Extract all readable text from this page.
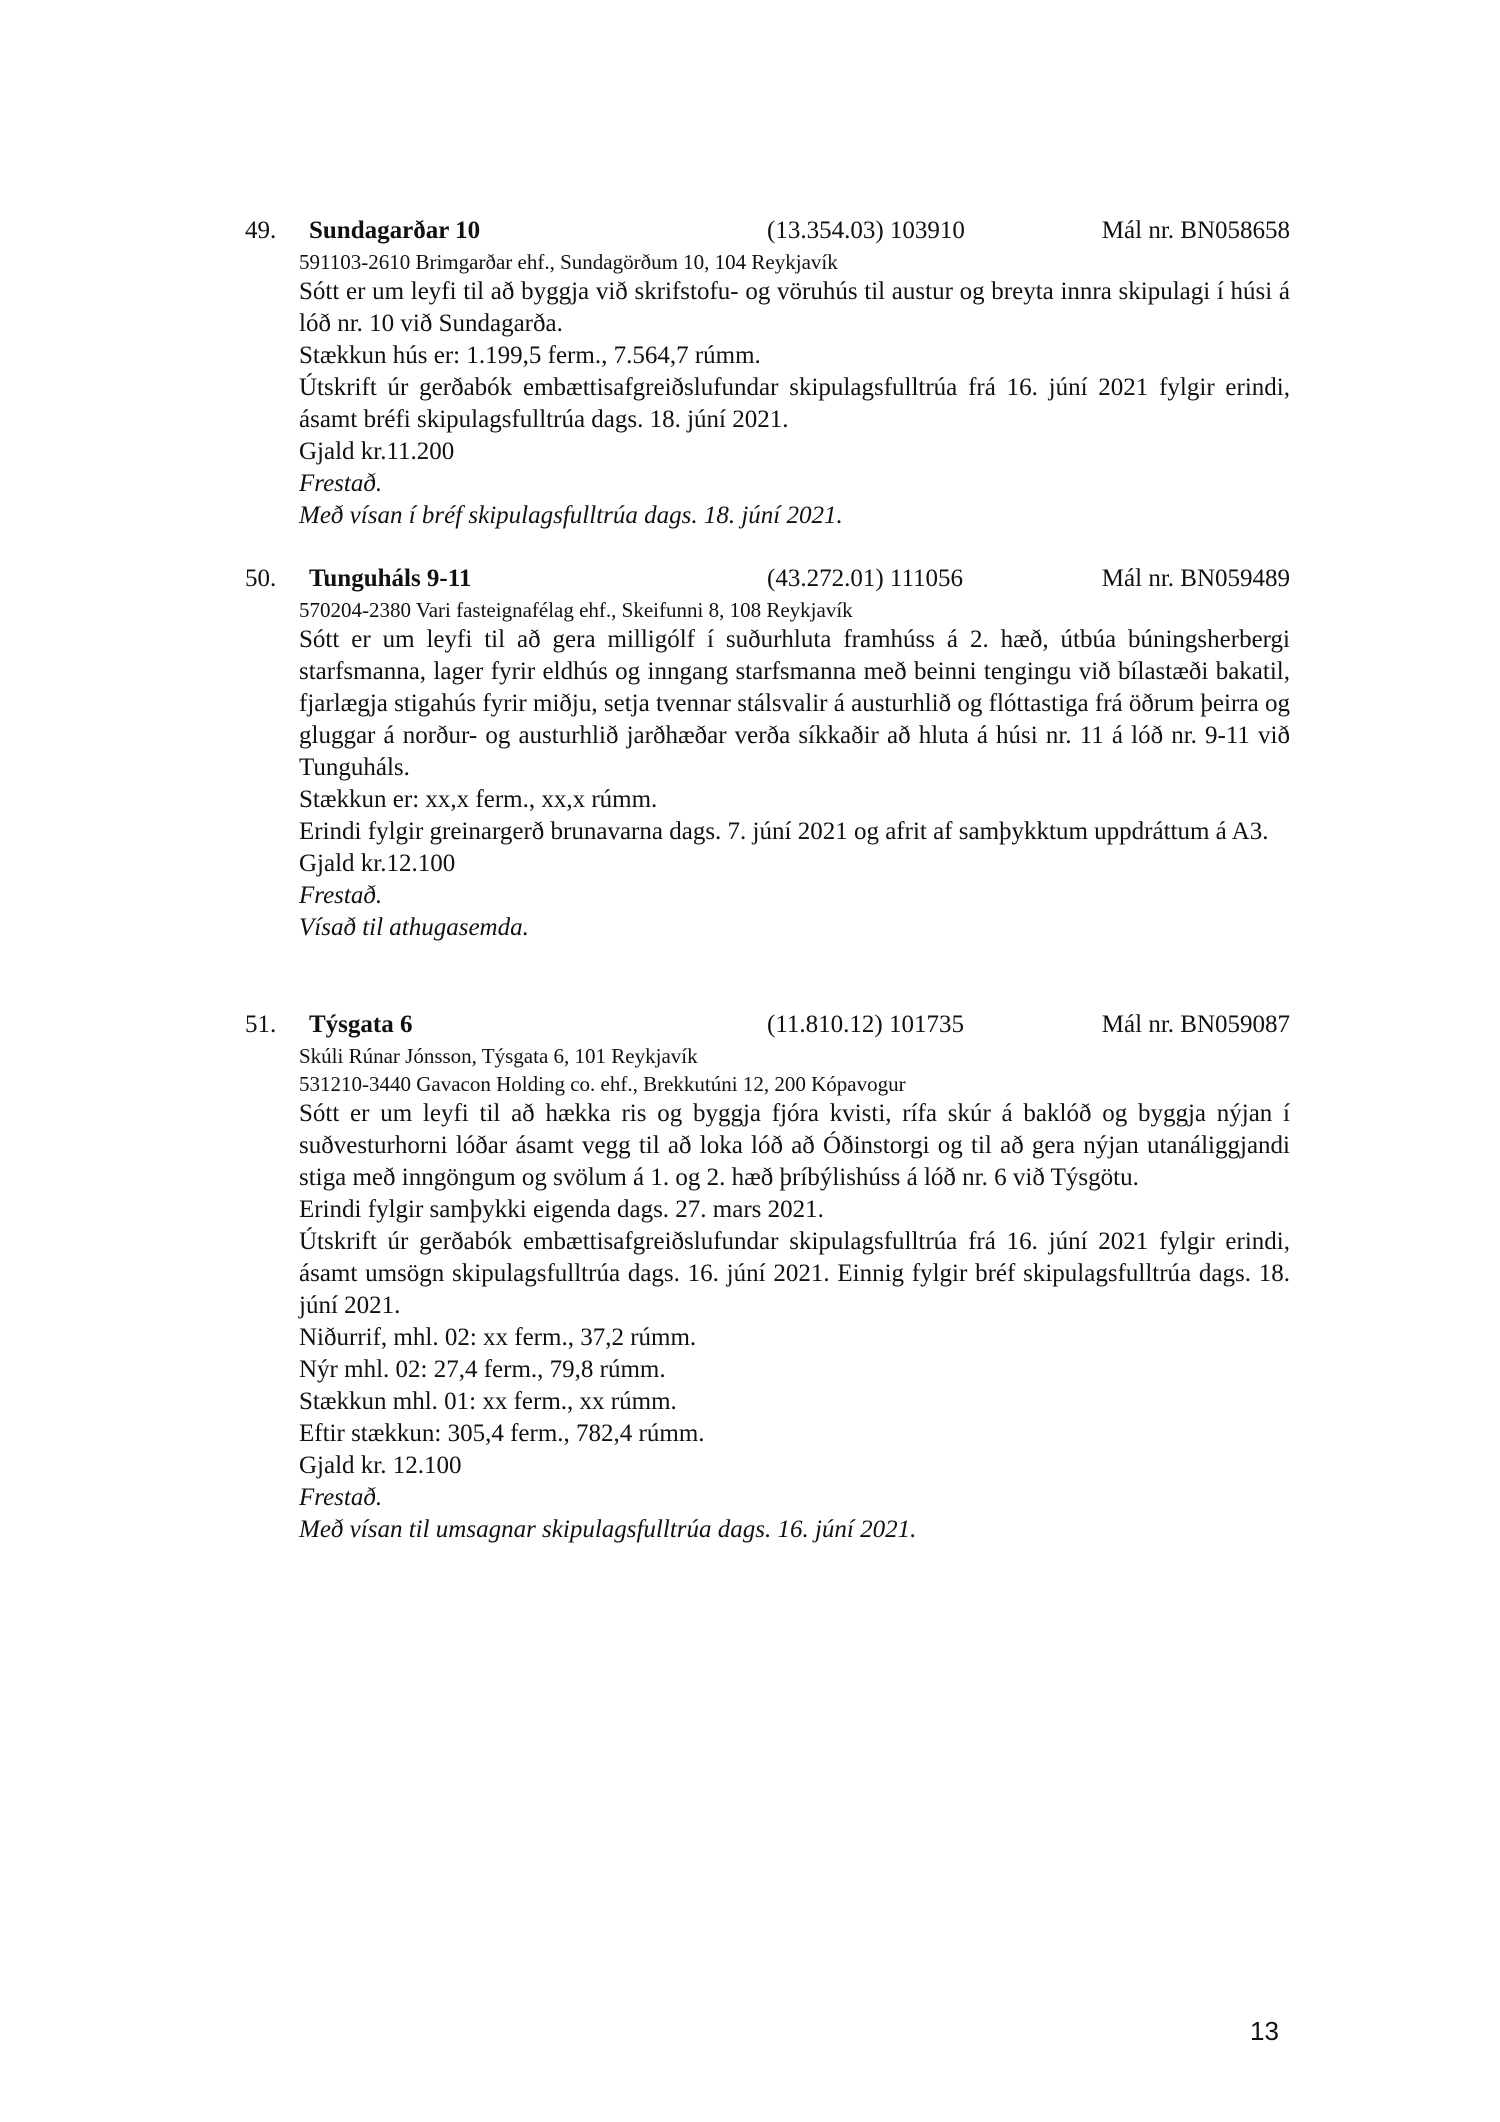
49. Sundagarðar 10	(13.354.03) 103910	Mál nr. BN058658
591103-2610 Brimgarðar ehf., Sundagörðum 10, 104 Reykjavík

Sótt er um leyfi til að byggja við skrifstofu- og vöruhús til austur og breyta innra skipulagi í húsi á lóð nr. 10 við Sundagarða.

Stækkun hús er: 1.199,5 ferm., 7.564,7 rúmm.

Útskrift úr gerðabók embættisafgreiðslufundar skipulagsfulltrúa frá 16. júní 2021 fylgir erindi, ásamt bréfi skipulagsfulltrúa dags. 18. júní 2021.

Gjald kr.11.200

Frestað.

Með vísan í bréf skipulagsfulltrúa dags. 18. júní 2021.

50. Tunguháls 9-11	(43.272.01) 111056	Mál nr. BN059489
570204-2380 Vari fasteignafélag ehf., Skeifunni 8, 108 Reykjavík

Sótt er um leyfi til að gera milligólf í suðurhluta framhúss á 2. hæð, útbúa búningsherbergi starfsmanna, lager fyrir eldhús og inngang starfsmanna með beinni tengingu við bílastæði bakatil, fjarlægja stigahús fyrir miðju, setja tvennar stálsvalir á austurhlið og flóttastiga frá öðrum þeirra og gluggar á norður- og austurhlið jarðhæðar verða síkkaðir að hluta á húsi nr. 11 á lóð nr. 9-11 við Tunguháls.

Stækkun er: xx,x ferm., xx,x rúmm.

Erindi fylgir greinargerð brunavarna dags. 7. júní 2021 og afrit af samþykktum uppdráttum á A3.

Gjald kr.12.100

Frestað.

Vísað til athugasemda.

51. Týsgata 6	(11.810.12) 101735	Mál nr. BN059087
Skúli Rúnar Jónsson, Týsgata 6, 101 Reykjavík
531210-3440 Gavacon Holding co. ehf., Brekkutúni 12, 200 Kópavogur

Sótt er um leyfi til að hækka ris og byggja fjóra kvisti, rífa skúr á baklóð og byggja nýjan í suðvesturhorni lóðar ásamt vegg til að loka lóð að Óðinstorgi og til að gera nýjan utanáliggjandi stiga með inngöngum og svölum á 1. og 2. hæð þríbýlishúss á lóð nr. 6 við Týsgötu.

Erindi fylgir samþykki eigenda dags. 27. mars 2021.

Útskrift úr gerðabók embættisafgreiðslufundar skipulagsfulltrúa frá 16. júní 2021 fylgir erindi, ásamt umsögn skipulagsfulltrúa dags. 16. júní 2021. Einnig fylgir bréf skipulagsfulltrúa dags. 18. júní 2021.

Niðurrif, mhl. 02: xx ferm., 37,2 rúmm.

Nýr mhl. 02: 27,4 ferm., 79,8 rúmm.

Stækkun mhl. 01: xx ferm., xx rúmm.

Eftir stækkun: 305,4 ferm., 782,4 rúmm.

Gjald kr. 12.100

Frestað.

Með vísan til umsagnar skipulagsfulltrúa dags. 16. júní 2021.

13
